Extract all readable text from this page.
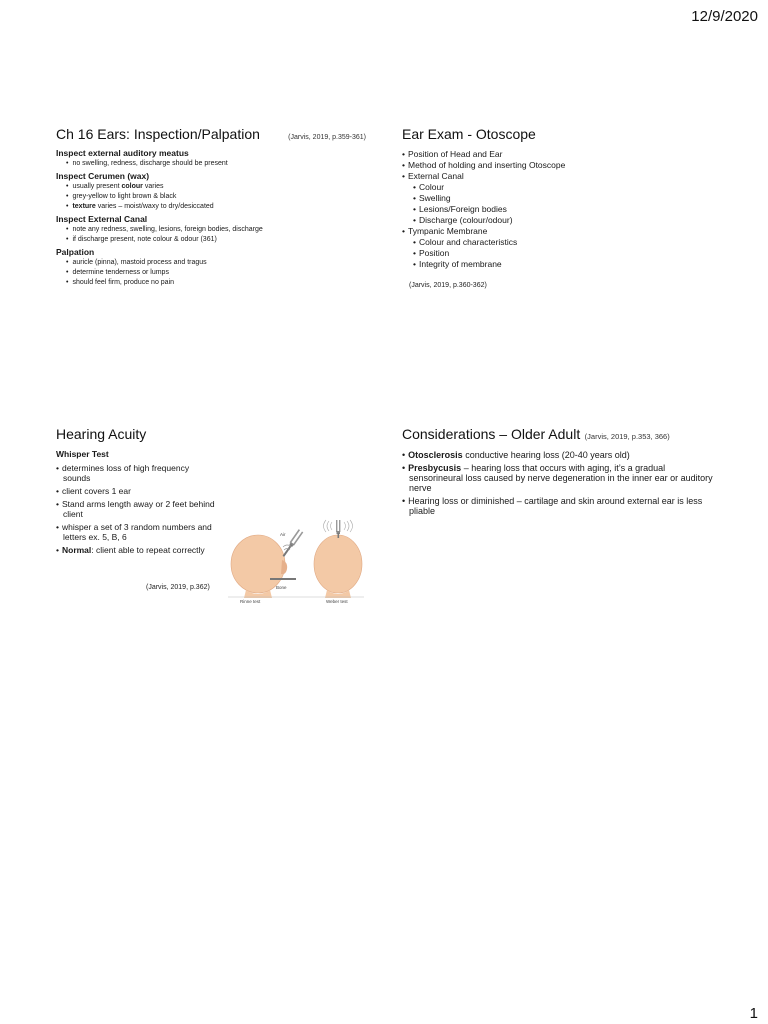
12/9/2020
Ch 16 Ears: Inspection/Palpation	(Jarvis, 2019, p.359-361)
Inspect external auditory meatus
• no swelling, redness, discharge should be present
Inspect Cerumen (wax)
• usually present colour varies
• grey-yellow to light brown & black
• texture varies – moist/waxy to dry/desiccated
Inspect External Canal
• note any redness, swelling, lesions, foreign bodies, discharge
• if discharge present, note colour & odour (361)
Palpation
• auricle (pinna), mastoid process and tragus
• determine tenderness or lumps
• should feel firm, produce no pain
Ear Exam - Otoscope
• Position of Head and Ear
• Method of holding and inserting Otoscope
• External Canal
• Colour
• Swelling
• Lesions/Foreign bodies
• Discharge (colour/odour)
• Tympanic Membrane
• Colour and characteristics
• Position
• Integrity of membrane
(Jarvis, 2019, p.360-362)
Hearing Acuity
Whisper Test
• determines loss of high frequency sounds
• client covers 1 ear
• Stand arms length away or 2 feet behind client
• whisper a set of 3 random numbers and letters ex. 5, B, 6
• Normal: client able to repeat correctly
(Jarvis, 2019, p.362)
Air
Bone
Rinne test	Weber test
Considerations – Older Adult (Jarvis, 2019, p.353, 366)
• Otosclerosis conductive hearing loss (20-40 years old)
• Presbycusis – hearing loss that occurs with aging, it’s a gradual sensorineural loss caused by nerve degeneration in the inner ear or auditory nerve
• Hearing loss or diminished – cartilage and skin around external ear is less pliable
1
